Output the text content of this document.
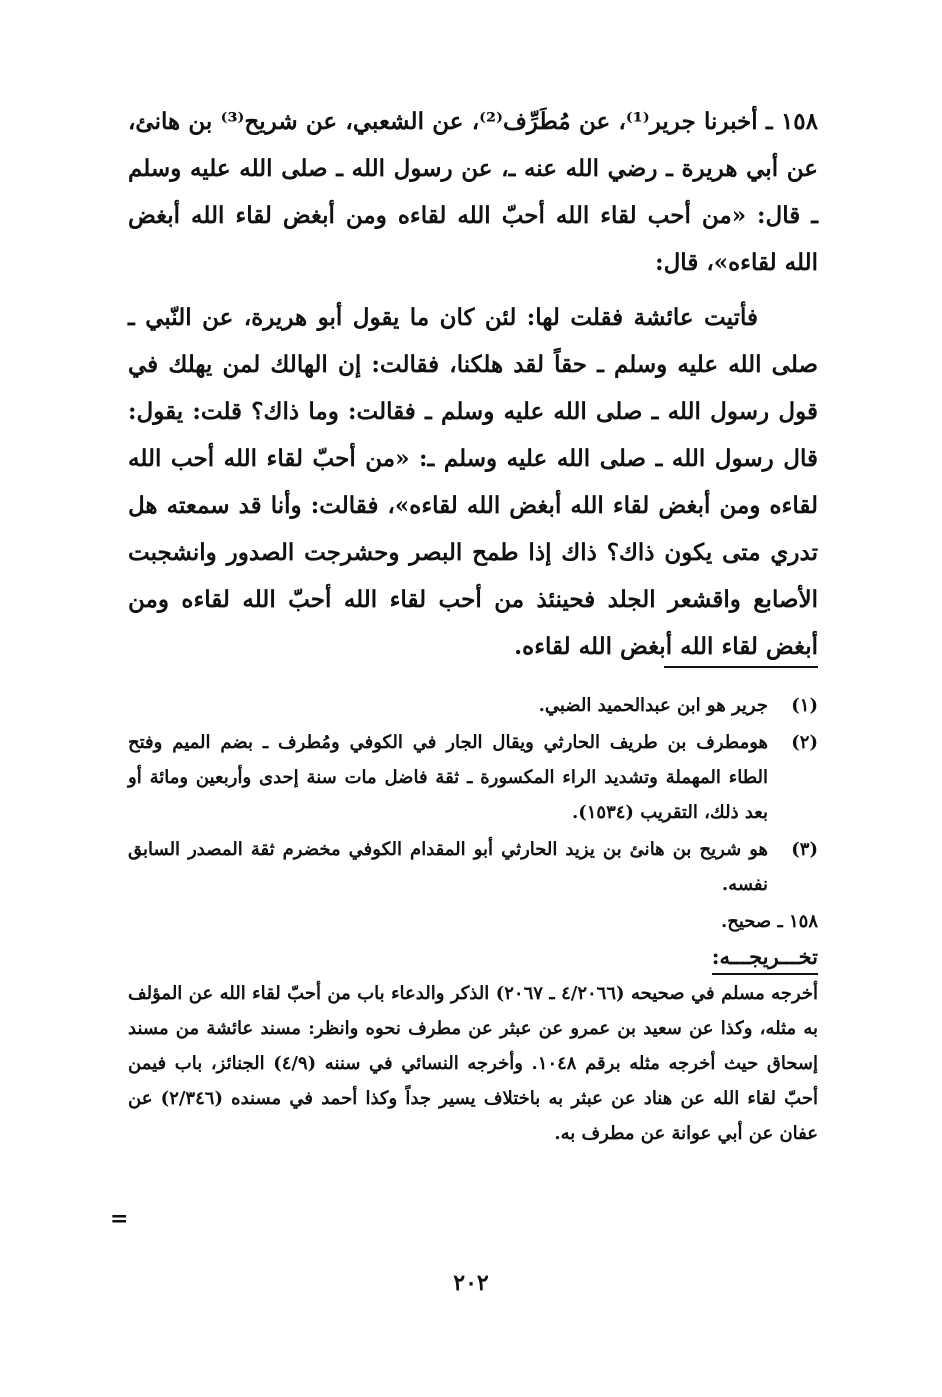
١٥٨ ـ أخبرنا جرير⁽¹⁾، عن مُطَرِّف⁽²⁾، عن الشعبي، عن شريح⁽³⁾ بن هانئ، عن أبي هريرة ـ رضي الله عنه ـ، عن رسول الله ـ صلى الله عليه وسلم ـ قال: «من أحب لقاء الله أحبّ الله لقاءه ومن أبغض لقاء الله أبغض الله لقاءه»، قال:

فأتيت عائشة فقلت لها: لئن كان ما يقول أبو هريرة، عن النّبي ـ صلى الله عليه وسلم ـ حقاً لقد هلكنا، فقالت: إن الهالك لمن يهلك في قول رسول الله ـ صلى الله عليه وسلم ـ فقالت: وما ذاك؟ قلت: يقول: قال رسول الله ـ صلى الله عليه وسلم ـ: «من أحبّ لقاء الله أحب الله لقاءه ومن أبغض لقاء الله أبغض الله لقاءه»، فقالت: وأنا قد سمعته هل تدري متى يكون ذاك؟ ذاك إذا طمح البصر وحشرجت الصدور وانشجبت الأصابع واقشعر الجلد فحينئذ من أحب لقاء الله أحبّ الله لقاءه ومن أبغض لقاء الله أبغض الله لقاءه.

(١)
جرير هو ابن عبدالحميد الضبي.
(٢)
هومطرف بن طريف الحارثي ويقال الجار في الكوفي ومُطرف ـ بضم الميم وفتح الطاء المهملة وتشديد الراء المكسورة ـ ثقة فاضل مات سنة إحدى وأربعين ومائة أو بعد ذلك، التقريب (١٥٣٤).
(٣)
هو شريح بن هانئ بن يزيد الحارثي أبو المقدام الكوفي مخضرم ثقة المصدر السابق نفسه.

١٥٨ ـ صحيح.

تخـــريجـــه:

أخرجه مسلم في صحيحه (٤/٢٠٦٦ ـ ٢٠٦٧) الذكر والدعاء باب من أحبّ لقاء الله عن المؤلف به مثله، وكذا عن سعيد بن عمرو عن عبثر عن مطرف نحوه وانظر: مسند عائشة من مسند إسحاق حيث أخرجه مثله برقم ١٠٤٨. وأخرجه النسائي في سننه (٤/٩) الجنائز، باب فيمن أحبّ لقاء الله عن هناد عن عبثر به باختلاف يسير جداً وكذا أحمد في مسنده (٢/٣٤٦) عن عفان عن أبي عوانة عن مطرف به.

=
٢٠٢
